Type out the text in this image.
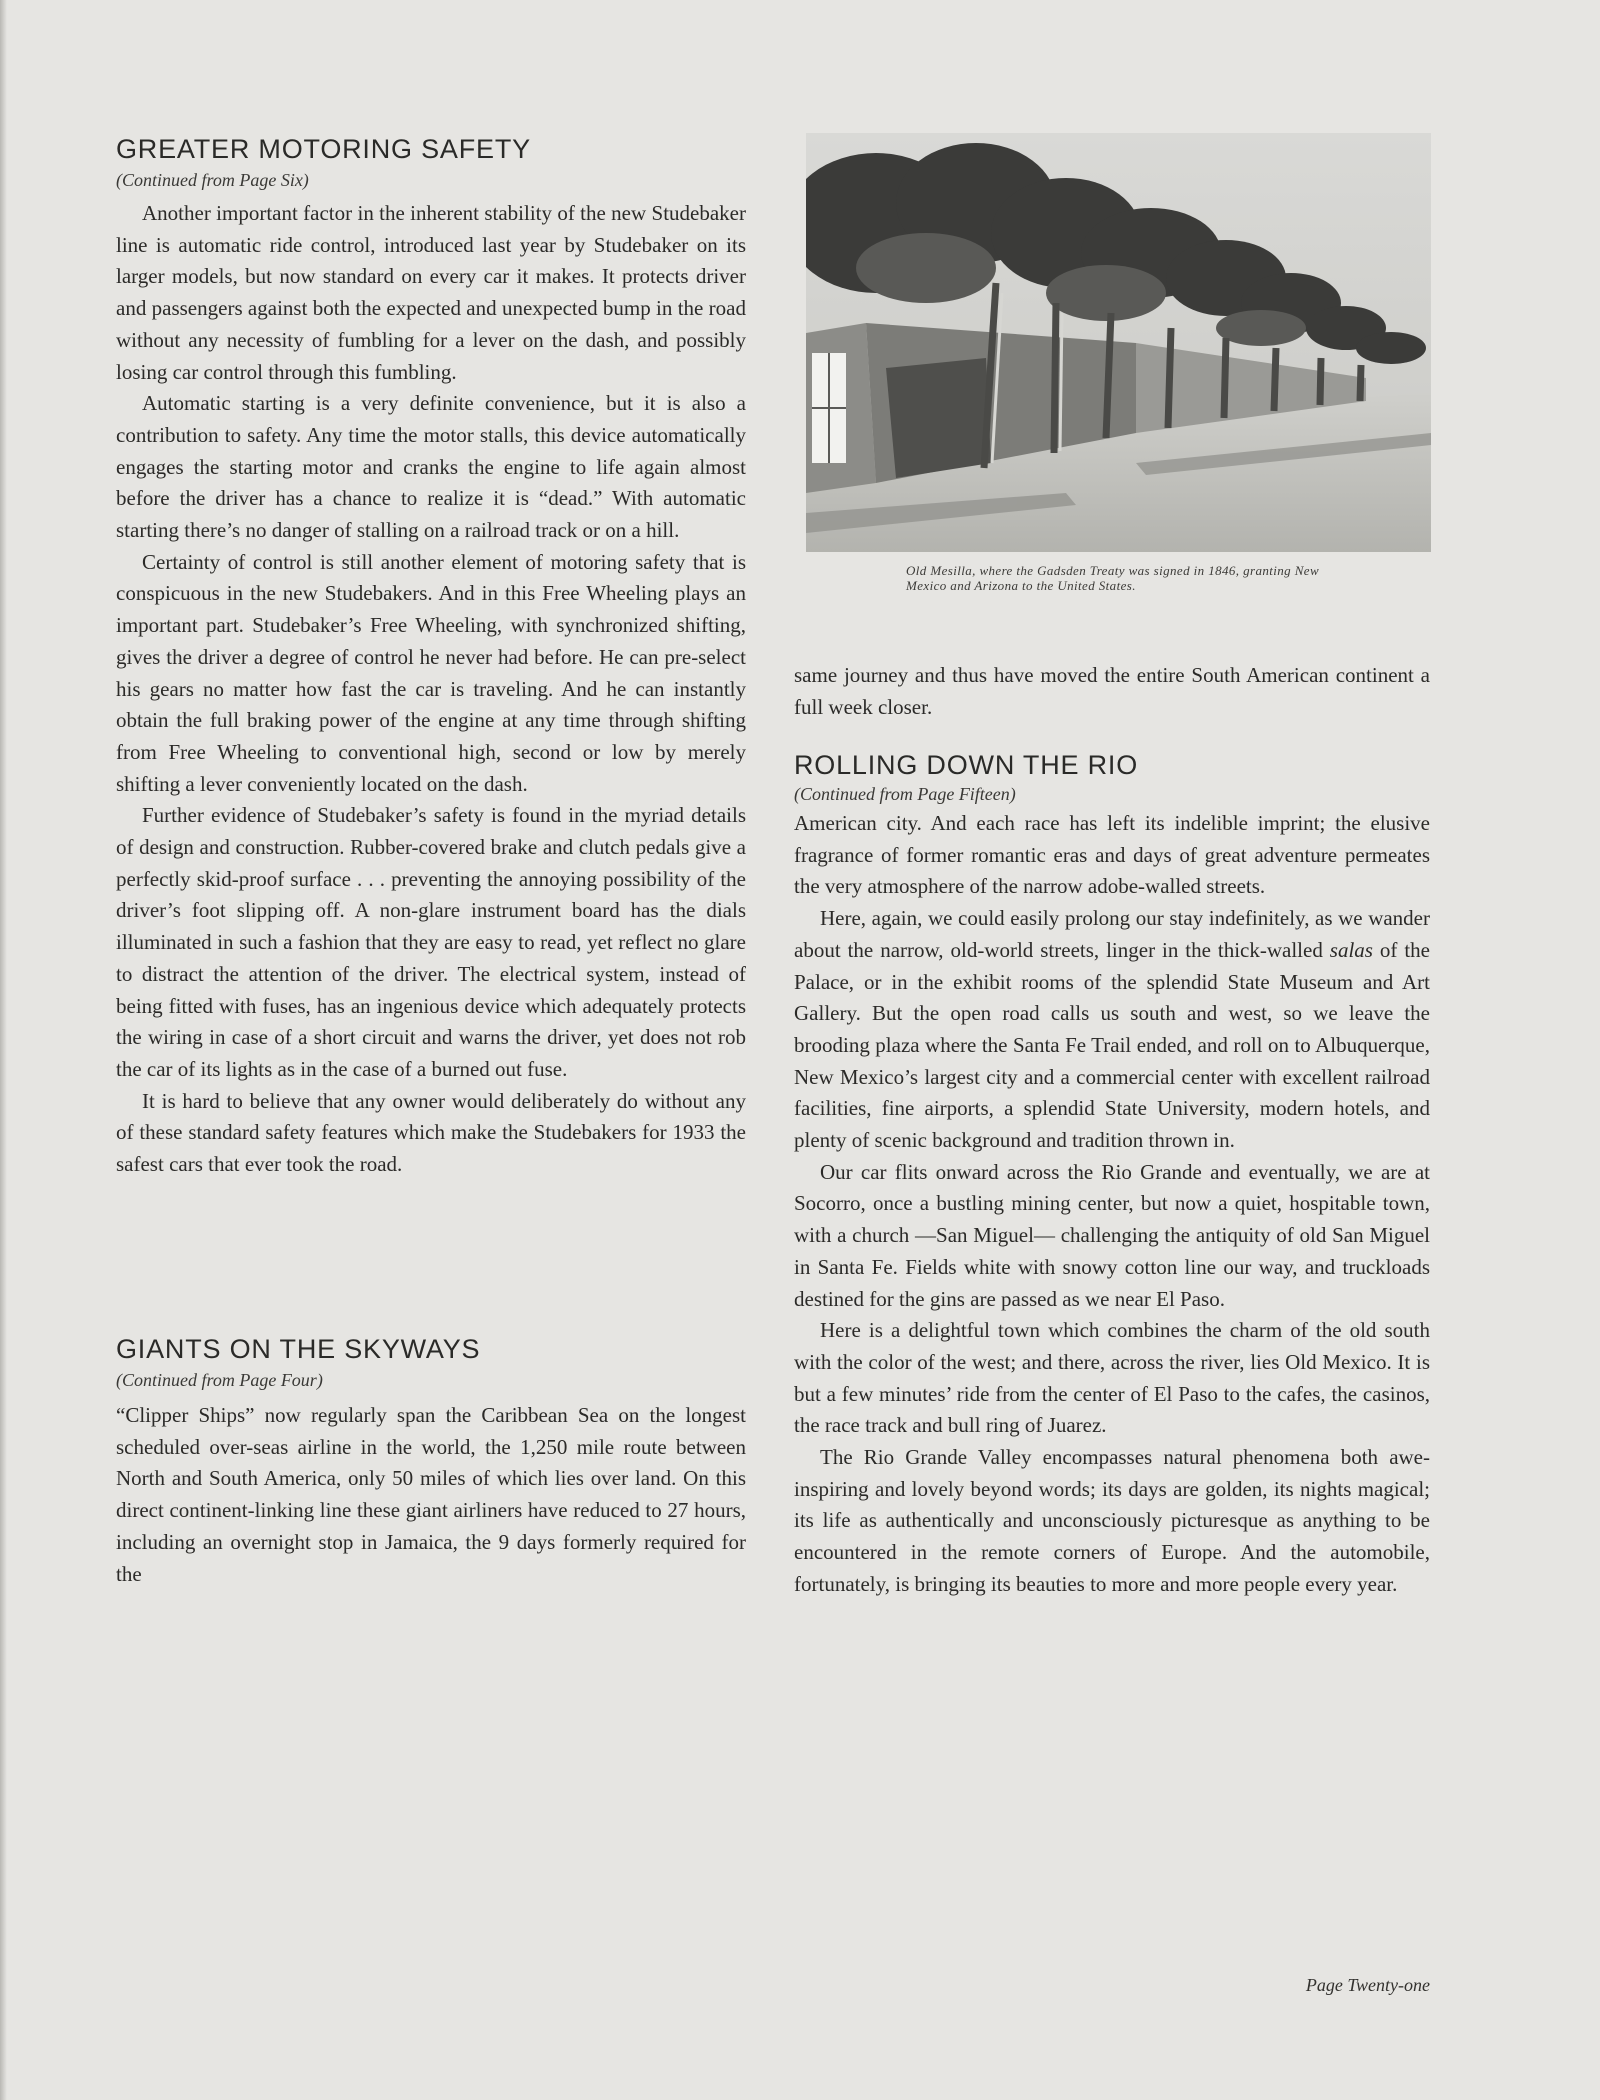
GREATER MOTORING SAFETY
(Continued from Page Six)

Another important factor in the inherent stability of the new Studebaker line is automatic ride control, introduced last year by Studebaker on its larger models, but now standard on every car it makes. It protects driver and passengers against both the expected and unexpected bump in the road without any necessity of fumbling for a lever on the dash, and possibly losing car control through this fumbling.

Automatic starting is a very definite convenience, but it is also a contribution to safety. Any time the motor stalls, this device automatically engages the starting motor and cranks the engine to life again almost before the driver has a chance to realize it is “dead.” With automatic starting there’s no danger of stalling on a railroad track or on a hill.

Certainty of control is still another element of motoring safety that is conspicuous in the new Studebakers. And in this Free Wheeling plays an important part. Studebaker’s Free Wheeling, with synchronized shifting, gives the driver a degree of control he never had before. He can pre-select his gears no matter how fast the car is traveling. And he can instantly obtain the full braking power of the engine at any time through shifting from Free Wheeling to conventional high, second or low by merely shifting a lever conveniently located on the dash.

Further evidence of Studebaker’s safety is found in the myriad details of design and construction. Rubber-covered brake and clutch pedals give a perfectly skid-proof surface . . . preventing the annoying possibility of the driver’s foot slipping off. A non-glare instrument board has the dials illuminated in such a fashion that they are easy to read, yet reflect no glare to distract the attention of the driver. The electrical system, instead of being fitted with fuses, has an ingenious device which adequately protects the wiring in case of a short circuit and warns the driver, yet does not rob the car of its lights as in the case of a burned out fuse.

It is hard to believe that any owner would deliberately do without any of these standard safety features which make the Studebakers for 1933 the safest cars that ever took the road.

GIANTS ON THE SKYWAYS
(Continued from Page Four)

“Clipper Ships” now regularly span the Caribbean Sea on the longest scheduled over-seas airline in the world, the 1,250 mile route between North and South America, only 50 miles of which lies over land. On this direct continent-linking line these giant airliners have reduced to 27 hours, including an overnight stop in Jamaica, the 9 days formerly required for the

Old Mesilla, where the Gadsden Treaty was signed in 1846, granting New Mexico and Arizona to the United States.

same journey and thus have moved the entire South American continent a full week closer.

ROLLING DOWN THE RIO
(Continued from Page Fifteen)

American city. And each race has left its indelible imprint; the elusive fragrance of former romantic eras and days of great adventure permeates the very atmosphere of the narrow adobe-walled streets.

Here, again, we could easily prolong our stay indefinitely, as we wander about the narrow, old-world streets, linger in the thick-walled salas of the Palace, or in the exhibit rooms of the splendid State Museum and Art Gallery. But the open road calls us south and west, so we leave the brooding plaza where the Santa Fe Trail ended, and roll on to Albuquerque, New Mexico’s largest city and a commercial center with excellent railroad facilities, fine airports, a splendid State University, modern hotels, and plenty of scenic background and tradition thrown in.

Our car flits onward across the Rio Grande and eventually, we are at Socorro, once a bustling mining center, but now a quiet, hospitable town, with a church —San Miguel— challenging the antiquity of old San Miguel in Santa Fe. Fields white with snowy cotton line our way, and truckloads destined for the gins are passed as we near El Paso.

Here is a delightful town which combines the charm of the old south with the color of the west; and there, across the river, lies Old Mexico. It is but a few minutes’ ride from the center of El Paso to the cafes, the casinos, the race track and bull ring of Juarez.

The Rio Grande Valley encompasses natural phenomena both awe-inspiring and lovely beyond words; its days are golden, its nights magical; its life as authentically and unconsciously picturesque as anything to be encountered in the remote corners of Europe. And the automobile, fortunately, is bringing its beauties to more and more people every year.

Page Twenty-one
